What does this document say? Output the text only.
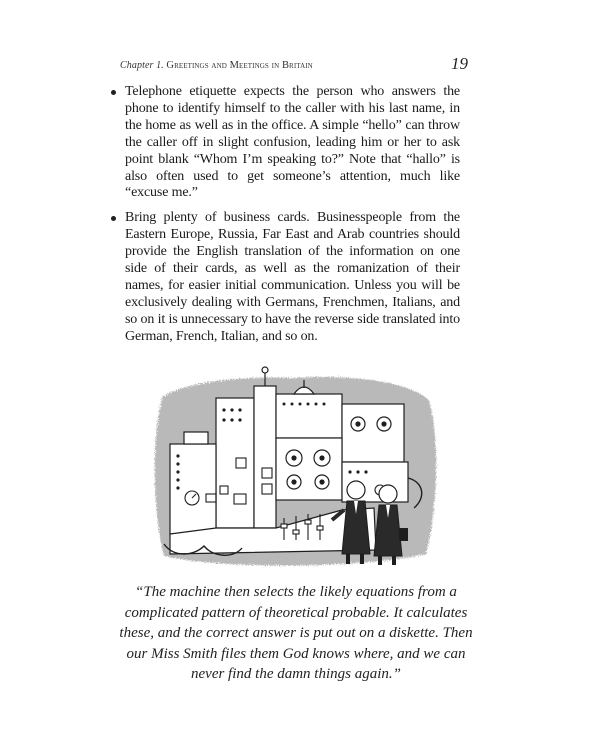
Chapter 1. Greetings and Meetings in Britain	19
Telephone etiquette expects the person who answers the phone to identify himself to the caller with his last name, in the home as well as in the office. A simple “hello” can throw the caller off in slight confusion, leading him or her to ask point blank “Whom I’m speaking to?” Note that “hallo” is also often used to get someone’s attention, much like “excuse me.”
Bring plenty of business cards. Businesspeople from the Eastern Europe, Russia, Far East and Arab countries should provide the English translation of the information on one side of their cards, as well as the romanization of their names, for easier initial communication. Unless you will be exclusively dealing with Germans, Frenchmen, Italians, and so on it is unnecessary to have the reverse side translated into German, French, Italian, and so on.
“The machine then selects the likely equations from a complicated pattern of theoretical probable. It calculates these, and the correct answer is put out on a diskette. Then our Miss Smith files them God knows where, and we can never find the damn things again.”
